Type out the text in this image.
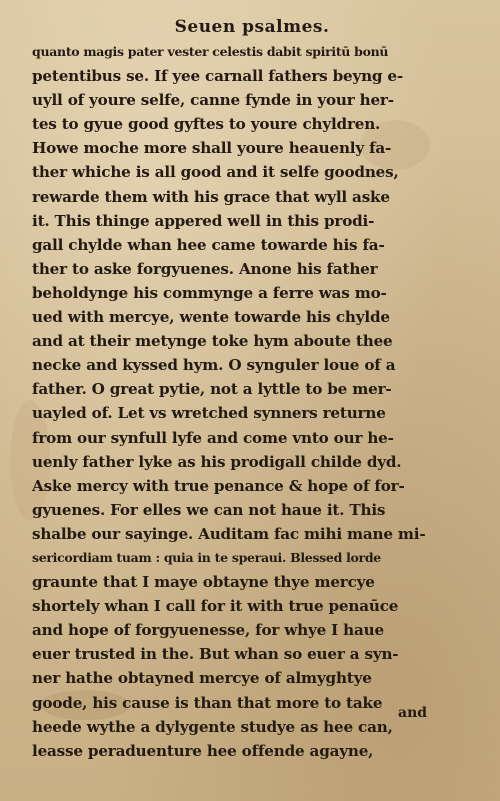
Seuen psalmes.
quanto magis pater vester celestis dabit spiritū bonū
petentibus se. If yee carnall fathers beyng e-
uyll of youre selfe, canne fynde in your her-
tes to gyue good gyftes to youre chyldren.
Howe moche more shall youre heauenly fa-
ther whiche is all good and it selfe goodnes,
rewarde them with his grace that wyll aske
it. This thinge appered well in this prodi-
gall chylde whan hee came towarde his fa-
ther to aske forgyuenes. Anone his father
beholdynge his commynge a ferre was mo-
ued with mercye, wente towarde his chylde
and at their metynge toke hym aboute thee
necke and kyssed hym. O synguler loue of a
father. O great pytie, not a lyttle to be mer-
uayled of. Let vs wretched synners returne
from our synfull lyfe and come vnto our he-
uenly father lyke as his prodigall childe dyd.
Aske mercy with true penance & hope of for-
gyuenes. For elles we can not haue it. This
shalbe our sayinge. Auditam fac mihi mane mi-
sericordiam tuam : quia in te speraui. Blessed lorde
graunte that I maye obtayne thye mercye
shortely whan I call for it with true penaūce
and hope of forgyuenesse, for whye I haue
euer trusted in the. But whan so euer a syn-
ner hathe obtayned mercye of almyghtye
goode, his cause is than that more to take
heede wythe a dylygente studye as hee can,
leasse peraduenture hee offende agayne,
and
